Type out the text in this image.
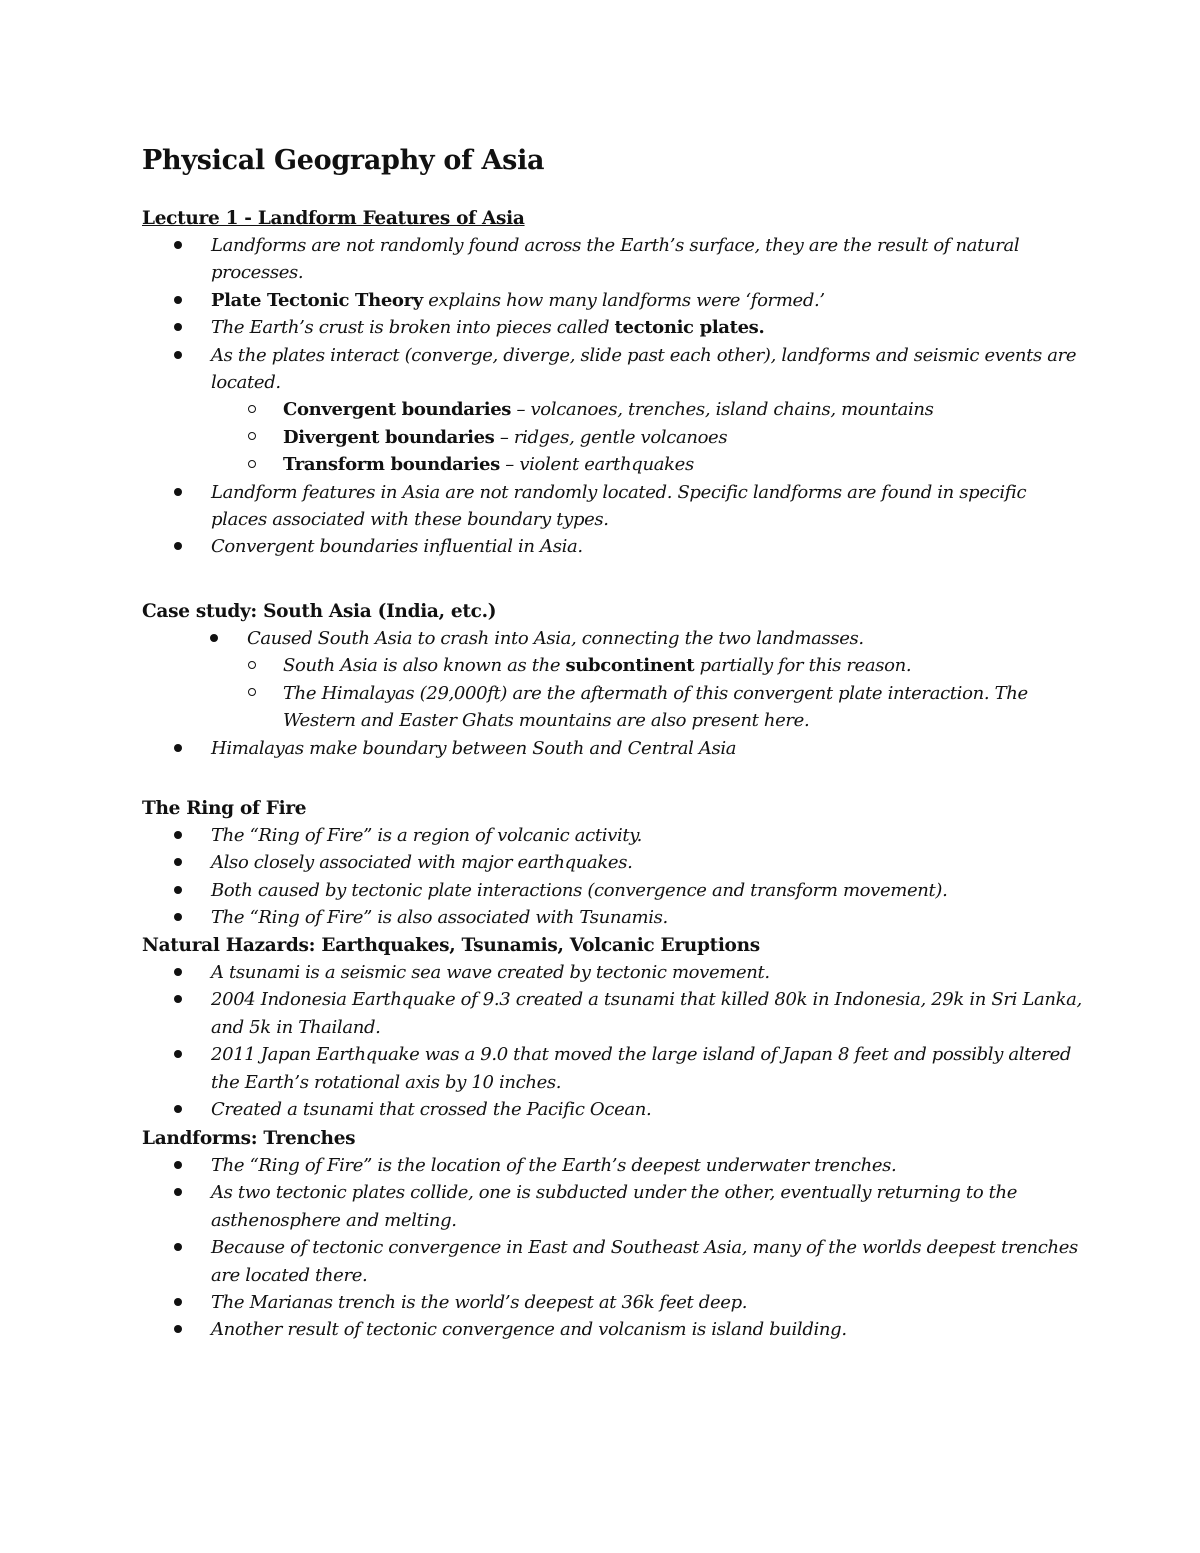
Physical Geography of Asia
Lecture 1 - Landform Features of Asia
Landforms are not randomly found across the Earth’s surface, they are the result of natural processes.
Plate Tectonic Theory explains how many landforms were ‘formed.’
The Earth’s crust is broken into pieces called tectonic plates.
As the plates interact (converge, diverge, slide past each other), landforms and seismic events are located.
Convergent boundaries – volcanoes, trenches, island chains, mountains
Divergent boundaries – ridges, gentle volcanoes
Transform boundaries – violent earthquakes
Landform features in Asia are not randomly located. Specific landforms are found in specific places associated with these boundary types.
Convergent boundaries influential in Asia.
Case study: South Asia (India, etc.)
Caused South Asia to crash into Asia, connecting the two landmasses.
South Asia is also known as the subcontinent partially for this reason.
The Himalayas (29,000ft) are the aftermath of this convergent plate interaction. The Western and Easter Ghats mountains are also present here.
Himalayas make boundary between South and Central Asia
The Ring of Fire
The “Ring of Fire” is a region of volcanic activity.
Also closely associated with major earthquakes.
Both caused by tectonic plate interactions (convergence and transform movement).
The “Ring of Fire” is also associated with Tsunamis.
Natural Hazards: Earthquakes, Tsunamis, Volcanic Eruptions
A tsunami is a seismic sea wave created by tectonic movement.
2004 Indonesia Earthquake of 9.3 created a tsunami that killed 80k in Indonesia, 29k in Sri Lanka, and 5k in Thailand.
2011 Japan Earthquake was a 9.0 that moved the large island of Japan 8 feet and possibly altered the Earth’s rotational axis by 10 inches.
Created a tsunami that crossed the Pacific Ocean.
Landforms: Trenches
The “Ring of Fire” is the location of the Earth’s deepest underwater trenches.
As two tectonic plates collide, one is subducted under the other, eventually returning to the asthenosphere and melting.
Because of tectonic convergence in East and Southeast Asia, many of the worlds deepest trenches are located there.
The Marianas trench is the world’s deepest at 36k feet deep.
Another result of tectonic convergence and volcanism is island building.
